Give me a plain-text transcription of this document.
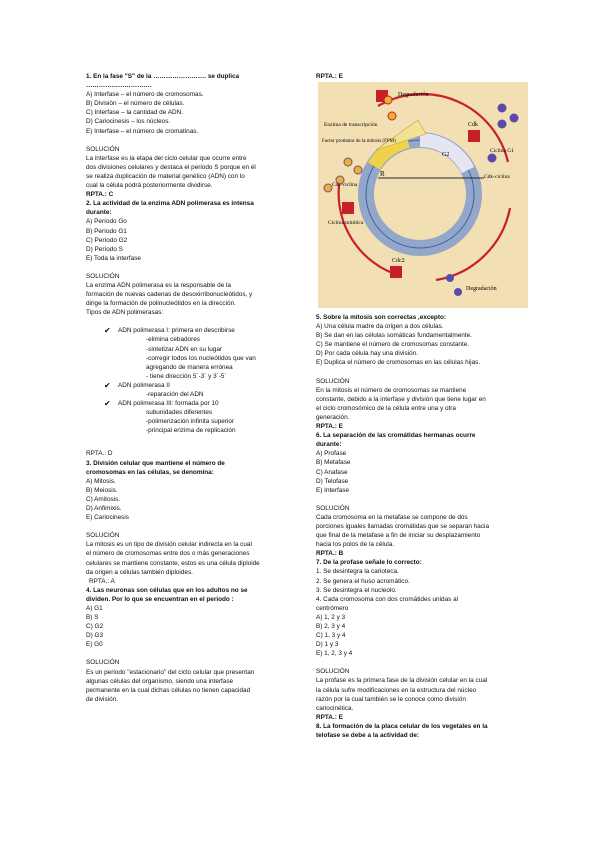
1. En la fase "S" de la ……………………. se duplica
………………………….
A) Interfase – el número de cromosomas.
B) División – el número de células.
C) Interfase – la cantidad de ADN.
D) Cariocinesis – los núcleos.
E) Interfase – el número de cromatinas.
SOLUCIÓN
La interfase es la etapa del ciclo celular que ocurre entre
dos divisiones celulares y destaca el periodo S porque en él
se realiza duplicación de material genético (ADN) con lo
cual la célula podrá posteriormente dividirse.
RPTA.: C
2. La actividad de la enzima ADN polimerasa es intensa
durante:
A) Período Go
B) Período G1
C) Período G2
D) Período S
E) Toda la interfase
SOLUCIÓN
La enzima ADN polimerasa es la responsable de la
formación de nuevas cadenas de desoxirribonucleótidos, y
dirige la formación de polinucleótidos en la dirección.
Tipos de ADN polimerasas:
✔	ADN polimerasa I: primera en describirse
-elimina cebadores
-sintetizar ADN en su lugar
-corregir todos los nucleótidos que van
agregando de manera errónea
- tiene dirección 5´-3´ y 3´-5´
✔	ADN polimerasa II
-reparación del ADN
✔	ADN polimerasa III: formada por 10
subunidades diferentes
-polimerización infinita superior
-principal enzima de replicación
RPTA.: D
3. División celular que mantiene el número de
cromosomas en las células, se denomina:
A) Mitosis.
B) Meiosis.
C) Amitosis.
D) Anfimixis.
E) Cariocinesis
SOLUCIÓN
La mitosis es un tipo de división celular indirecta en la cual
el número de cromosomas entre dos o más generaciones
celulares se mantiene constante, estos es una célula diploide
da origen a células también diploides.
RPTA.: A
4. Las neuronas son células que en los adultos no se
dividen. Por lo que se encuentran en el periodo :
A) G1
B) S
C) G2
D) G3
E) G0
SOLUCIÓN
Es un periodo "estacionario" del ciclo celular que presentan
algunas células del organismo, siendo una interfase
permanente en la cual dichas células no tienen capacidad
de división.
RPTA.: E
Degradación
Enzima de transcripción
Factor promotor de la mitosis (FPM)
Cdc-ciclina
Cdk
Ciclina G1
Cdk-ciclina
G2
R
Ciclina mitótica
Cdc2
Degradación
5. Sobre la mitosis son correctas ,excepto:
A) Una célula madre da origen a dos células.
B) Se dan en las células somáticas fundamentalmente.
C) Se mantiene el número de cromosomas constante.
D) Por cada célula hay una división.
E) Duplica el número de cromosomas en las células hijas.
SOLUCIÓN
En la mitosis el número de cromosomas se mantiene
constante, debido a la interfase y división que tiene lugar en
el ciclo cromosómico de la célula entre una y otra
generación.
RPTA.: E
6. La separación de las cromátidas hermanas ocurre
durante:
A) Profase
B) Metafase
C) Anafase
D) Telofase
E) Interfase
SOLUCIÓN
Cada cromosoma en la metafase se compone de dos
porciones iguales llamadas cromátidas que se separan hacia
que final de la metafase a fin de iniciar su desplazamiento
hacia los polos de la célula.
RPTA.: B
7. De la profase señale lo correcto:
1. Se desintegra la carioteca.
2. Se genera el huso acromático.
3. Se desintegra el nucleolo.
4. Cada cromosoma con dos cromátides unidas al
centrómero
A) 1, 2 y 3
B) 2, 3 y 4
C) 1, 3 y 4
D) 1 y 3
E) 1, 2, 3 y 4
SOLUCIÓN
La profase es la primera fase de la división celular en la cual
la célula sufre modificaciones en la estructura del núcleo
razón por la cual también se le conoce como división
cariocinética.
RPTA.: E
8. La formación de la placa celular de los vegetales en la
telofase se debe a la actividad de:
